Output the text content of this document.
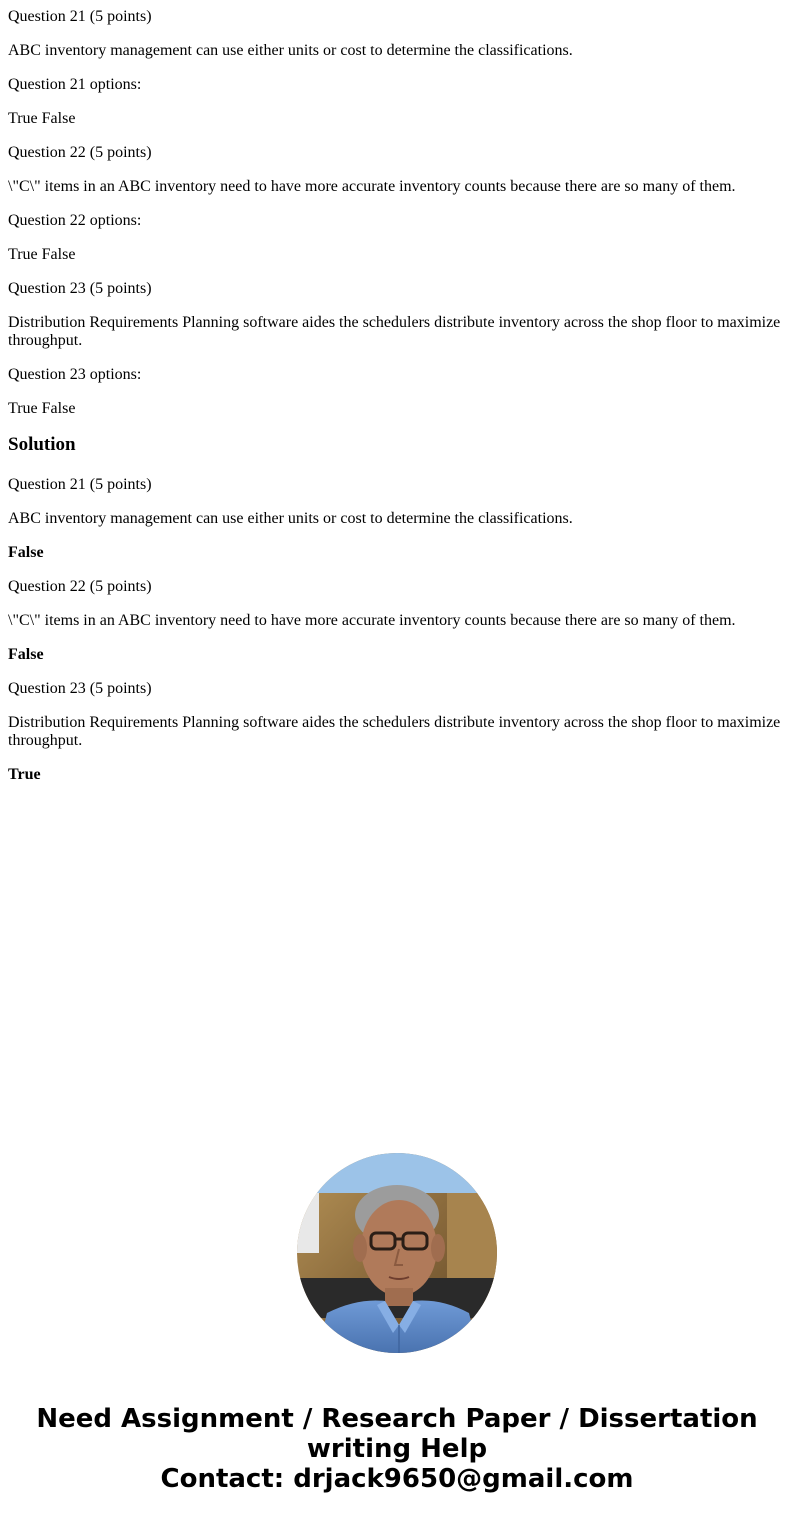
Question 21 (5 points)

ABC inventory management can use either units or cost to determine the classifications.

Question 21 options:

True False

Question 22 (5 points)

\"C\" items in an ABC inventory need to have more accurate inventory counts because there are so many of them.

Question 22 options:

True False

Question 23 (5 points)

Distribution Requirements Planning software aides the schedulers distribute inventory across the shop floor to maximize throughput.

Question 23 options:

True False

Solution

Question 21 (5 points)

ABC inventory management can use either units or cost to determine the classifications.

False

Question 22 (5 points)

\"C\" items in an ABC inventory need to have more accurate inventory counts because there are so many of them.

False

Question 23 (5 points)

Distribution Requirements Planning software aides the schedulers distribute inventory across the shop floor to maximize throughput.

True

Need Assignment / Research Paper / Dissertation
writing Help
Contact: drjack9650@gmail.com
